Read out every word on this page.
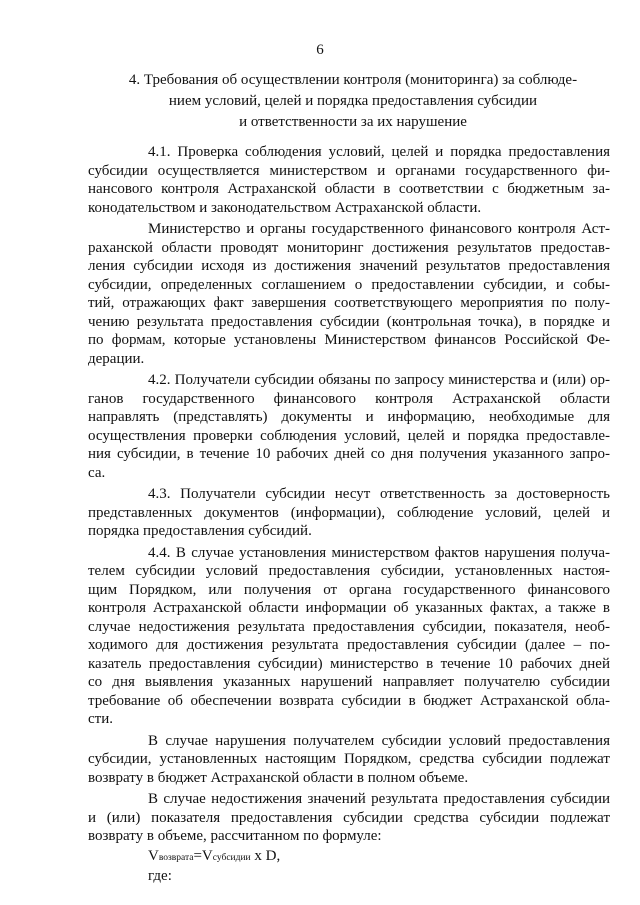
6
4. Требования об осуществлении контроля (мониторинга) за соблюде-
нием условий, целей и порядка предоставления субсидии
и ответственности за их нарушение
4.1. Проверка соблюдения условий, целей и порядка предоставления
субсидии осуществляется министерством и органами государственного фи-
нансового контроля Астраханской области в соответствии с бюджетным за-
конодательством и законодательством Астраханской области.
Министерство и органы государственного финансового контроля Аст-
раханской области проводят мониторинг достижения результатов предостав-
ления субсидии исходя из достижения значений результатов предоставления
субсидии, определенных соглашением о предоставлении субсидии, и собы-
тий, отражающих факт завершения соответствующего мероприятия по полу-
чению результата предоставления субсидии (контрольная точка), в порядке и
по формам, которые установлены Министерством финансов Российской Фе-
дерации.
4.2. Получатели субсидии обязаны по запросу министерства и (или) ор-
ганов государственного финансового контроля Астраханской области
направлять (представлять) документы и информацию, необходимые для
осуществления проверки соблюдения условий, целей и порядка предоставле-
ния субсидии, в течение 10 рабочих дней со дня получения указанного запро-
са.
4.3. Получатели субсидии несут ответственность за достоверность
представленных документов (информации), соблюдение условий, целей и
порядка предоставления субсидий.
4.4. В случае установления министерством фактов нарушения получа-
телем субсидии условий предоставления субсидии, установленных настоя-
щим Порядком, или получения от органа государственного финансового
контроля Астраханской области информации об указанных фактах, а также в
случае недостижения результата предоставления субсидии, показателя, необ-
ходимого для достижения результата предоставления субсидии (далее – по-
казатель предоставления субсидии) министерство в течение 10 рабочих дней
со дня выявления указанных нарушений направляет получателю субсидии
требование об обеспечении возврата субсидии в бюджет Астраханской обла-
сти.
В случае нарушения получателем субсидии условий предоставления
субсидии, установленных настоящим Порядком, средства субсидии подлежат
возврату в бюджет Астраханской области в полном объеме.
В случае недостижения значений результата предоставления субсидии
и (или) показателя предоставления субсидии средства субсидии подлежат
возврату в объеме, рассчитанном по формуле:
Vвозврата=Vсубсидии x D,
где:
